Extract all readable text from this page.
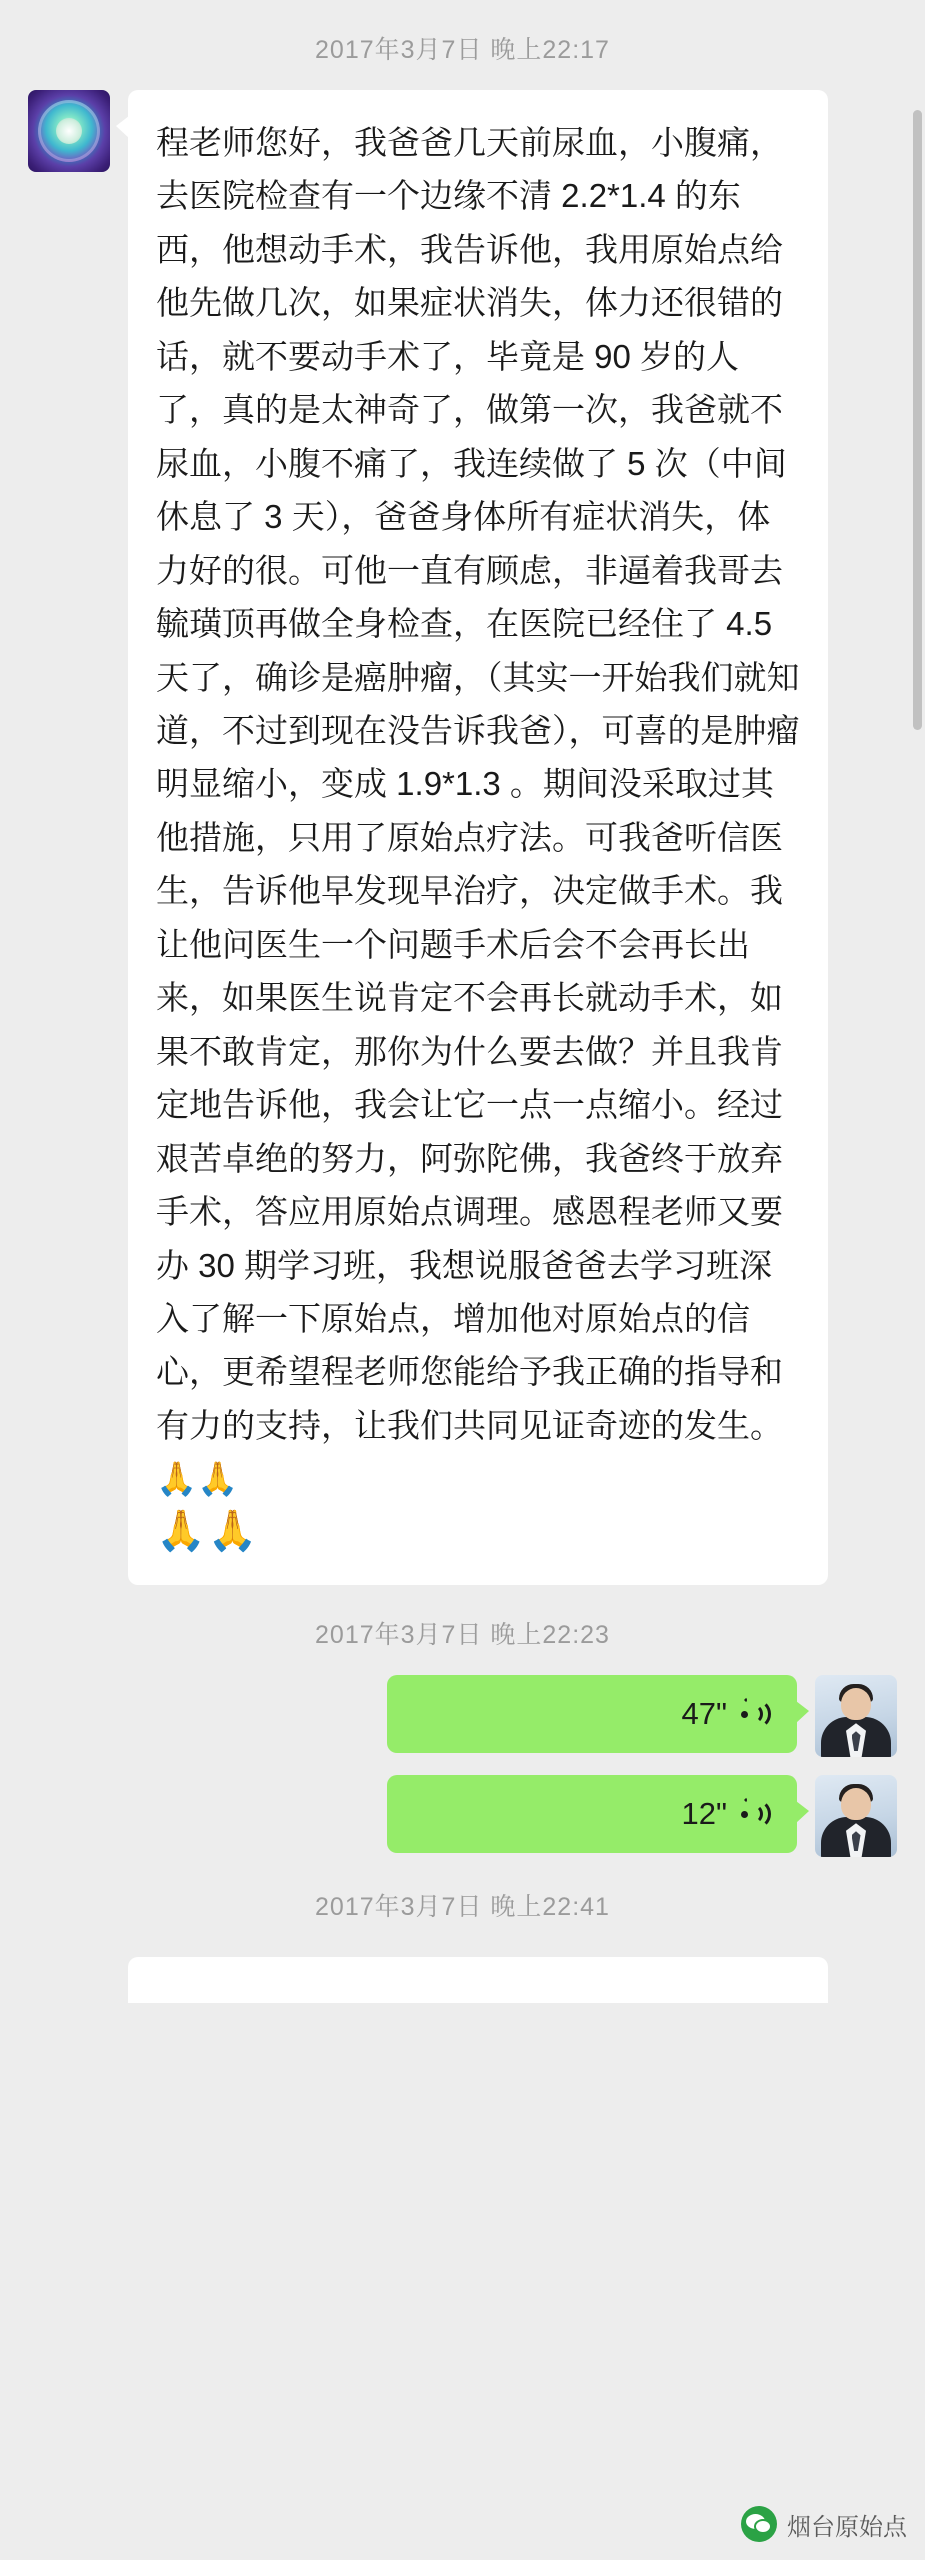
2017年3月7日 晚上22:17
程老师您好，我爸爸几天前尿血，小腹痛，去医院检查有一个边缘不清 2.2*1.4 的东西，他想动手术，我告诉他，我用原始点给他先做几次，如果症状消失，体力还很错的话，就不要动手术了，毕竟是 90 岁的人了，真的是太神奇了，做第一次，我爸就不尿血，小腹不痛了，我连续做了 5 次（中间休息了 3 天），爸爸身体所有症状消失，体力好的很。可他一直有顾虑，非逼着我哥去毓璜顶再做全身检查，在医院已经住了 4.5 天了，确诊是癌肿瘤，（其实一开始我们就知道，不过到现在没告诉我爸），可喜的是肿瘤明显缩小，变成 1.9*1.3 。期间没采取过其他措施，只用了原始点疗法。可我爸听信医生，告诉他早发现早治疗，决定做手术。我让他问医生一个问题手术后会不会再长出来，如果医生说肯定不会再长就动手术，如果不敢肯定，那你为什么要去做？并且我肯定地告诉他，我会让它一点一点缩小。经过艰苦卓绝的努力，阿弥陀佛，我爸终于放弃手术，答应用原始点调理。感恩程老师又要办 30 期学习班，我想说服爸爸去学习班深入了解一下原始点，增加他对原始点的信心，更希望程老师您能给予我正确的指导和有力的支持，让我们共同见证奇迹的发生。🙏🙏
🙏🙏
2017年3月7日 晚上22:23
47"
12"
2017年3月7日 晚上22:41
烟台原始点
